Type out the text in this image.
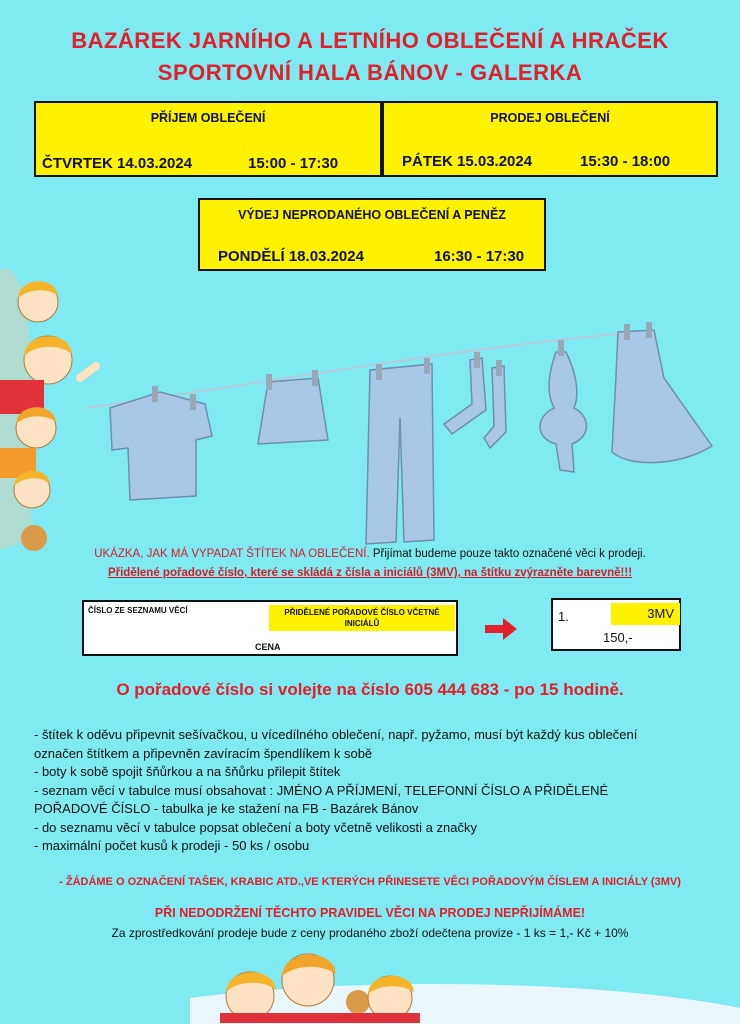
BAZÁREK JARNÍHO A LETNÍHO OBLEČENÍ A HRAČEK
SPORTOVNÍ HALA BÁNOV - GALERKA
PŘÍJEM OBLEČENÍ
ČTVRTEK 14.03.2024	15:00 - 17:30
PRODEJ OBLEČENÍ
PÁTEK 15.03.2024	15:30 - 18:00
VÝDEJ NEPRODANÉHO OBLEČENÍ A PENĚZ
PONDĚLÍ 18.03.2024	16:30 - 17:30
UKÁZKA, JAK MÁ VYPADAT ŠTÍTEK NA OBLEČENÍ. Přijímat budeme pouze takto označené věci k prodeji.
Přidělené pořadové číslo, které se skládá z čísla a iniciálů (3MV), na štítku zvýrazněte barevně!!!
ČÍSLO ZE SEZNAMU VĚCÍ	PŘIDĚLENÉ POŘADOVÉ ČÍSLO VČETNĚ INICIÁLŮ
CENA
1.	3MV
150,-
O pořadové číslo si volejte na číslo 605 444 683 - po 15 hodině.
- štítek k oděvu připevnit sešívačkou, u vícedílného oblečení, např. pyžamo, musí být každý kus oblečení
označen štítkem a připevněn zavíracím špendlíkem k sobě
- boty k sobě spojit šňůrkou a na šňůrku přilepit štítek
- seznam věcí v tabulce musí obsahovat : JMÉNO A PŘÍJMENÍ, TELEFONNÍ ČÍSLO A PŘIDĚLENÉ
POŘADOVÉ ČÍSLO - tabulka je ke stažení na FB - Bazárek Bánov
- do seznamu věcí v tabulce popsat oblečení a boty včetně velikosti a značky
- maximální počet kusů k prodeji - 50 ks / osobu
- ŽÁDÁME O OZNAČENÍ TAŠEK, KRABIC ATD.,VE KTERÝCH PŘINESETE VĚCI POŘADOVÝM ČÍSLEM A INICIÁLY (3MV)
PŘI NEDODRŽENÍ TĚCHTO PRAVIDEL VĚCI NA PRODEJ NEPŘIJÍMÁME!
Za zprostředkování prodeje bude z ceny prodaného zboží odečtena provize - 1 ks = 1,- Kč + 10%
